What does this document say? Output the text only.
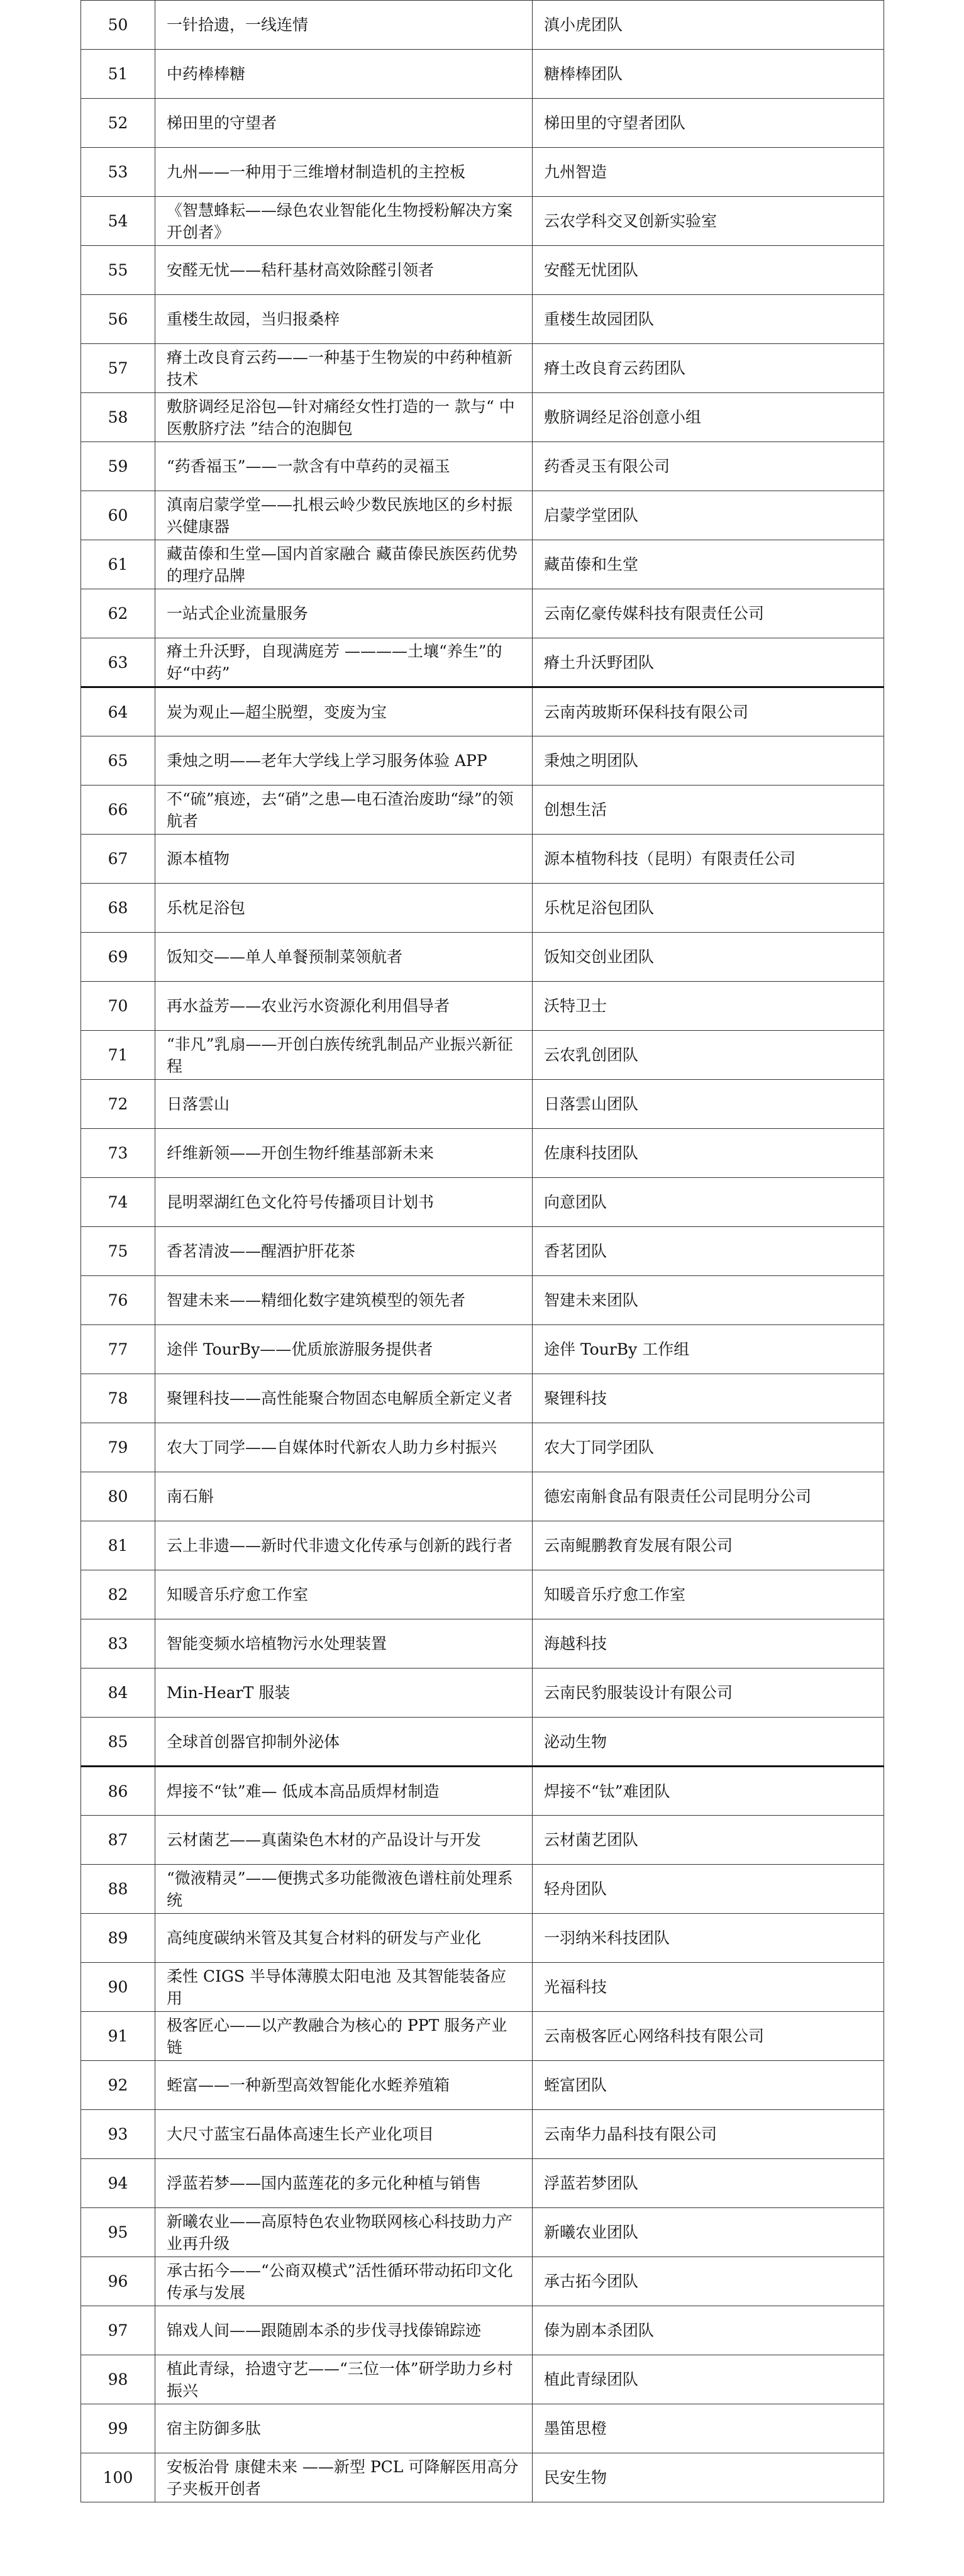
50	一针拾遗，一线连情	滇小虎团队
51	中药棒棒糖	糖棒棒团队
52	梯田里的守望者	梯田里的守望者团队
53	九州——一种用于三维增材制造机的主控板	九州智造
54	《智慧蜂耘——绿色农业智能化生物授粉解决方案开创者》	云农学科交叉创新实验室
55	安醛无忧——秸秆基材高效除醛引领者	安醛无忧团队
56	重楼生故园，当归报桑梓	重楼生故园团队
57	瘠土改良育云药——一种基于生物炭的中药种植新技术	瘠土改良育云药团队
58	敷脐调经足浴包—针对痛经女性打造的一 款与“ 中医敷脐疗法 ”结合的泡脚包	敷脐调经足浴创意小组
59	“药香福玉”——一款含有中草药的灵福玉	药香灵玉有限公司
60	滇南启蒙学堂——扎根云岭少数民族地区的乡村振兴健康器	启蒙学堂团队
61	藏苗傣和生堂—国内首家融合 藏苗傣民族医药优势的理疗品牌	藏苗傣和生堂
62	一站式企业流量服务	云南亿豪传媒科技有限责任公司
63	瘠土升沃野，自现满庭芳 ————土壤“养生”的好“中药”	瘠土升沃野团队
64	炭为观止—超尘脱塑，变废为宝	云南芮玻斯环保科技有限公司
65	秉烛之明——老年大学线上学习服务体验 APP	秉烛之明团队
66	不“硫”痕迹，去“硝”之患—电石渣治废助“绿”的领航者	创想生活
67	源本植物	源本植物科技（昆明）有限责任公司
68	乐枕足浴包	乐枕足浴包团队
69	饭知交——单人单餐预制菜领航者	饭知交创业团队
70	再水益芳——农业污水资源化利用倡导者	沃特卫士
71	“非凡”乳扇——开创白族传统乳制品产业振兴新征程	云农乳创团队
72	日落雲山	日落雲山团队
73	纤维新领——开创生物纤维基部新未来	佐康科技团队
74	昆明翠湖红色文化符号传播项目计划书	向意团队
75	香茗清波——醒酒护肝花茶	香茗团队
76	智建未来——精细化数字建筑模型的领先者	智建未来团队
77	途伴 TourBy——优质旅游服务提供者	途伴 TourBy 工作组
78	聚锂科技——高性能聚合物固态电解质全新定义者	聚锂科技
79	农大丁同学——自媒体时代新农人助力乡村振兴	农大丁同学团队
80	南石斛	德宏南斛食品有限责任公司昆明分公司
81	云上非遗——新时代非遗文化传承与创新的践行者	云南鲲鹏教育发展有限公司
82	知暖音乐疗愈工作室	知暖音乐疗愈工作室
83	智能变频水培植物污水处理装置	海越科技
84	Min-HearT 服装	云南民豹服装设计有限公司
85	全球首创器官抑制外泌体	泌动生物
86	焊接不“钛”难— 低成本高品质焊材制造	焊接不“钛”难团队
87	云材菌艺——真菌染色木材的产品设计与开发	云材菌艺团队
88	“微液精灵”——便携式多功能微液色谱柱前处理系统	轻舟团队
89	高纯度碳纳米管及其复合材料的研发与产业化	一羽纳米科技团队
90	柔性 CIGS 半导体薄膜太阳电池 及其智能装备应用	光福科技
91	极客匠心——以产教融合为核心的 PPT 服务产业链	云南极客匠心网络科技有限公司
92	蛭富——一种新型高效智能化水蛭养殖箱	蛭富团队
93	大尺寸蓝宝石晶体高速生长产业化项目	云南华力晶科技有限公司
94	浮蓝若梦——国内蓝莲花的多元化种植与销售	浮蓝若梦团队
95	新曦农业——高原特色农业物联网核心科技助力产业再升级	新曦农业团队
96	承古拓今——“公商双模式”活性循环带动拓印文化传承与发展	承古拓今团队
97	锦戏人间——跟随剧本杀的步伐寻找傣锦踪迹	傣为剧本杀团队
98	植此青绿，拾遗守艺——“三位一体”研学助力乡村振兴	植此青绿团队
99	宿主防御多肽	墨笛思橙
100	安板治骨 康健未来 ——新型 PCL 可降解医用高分子夹板开创者	民安生物
